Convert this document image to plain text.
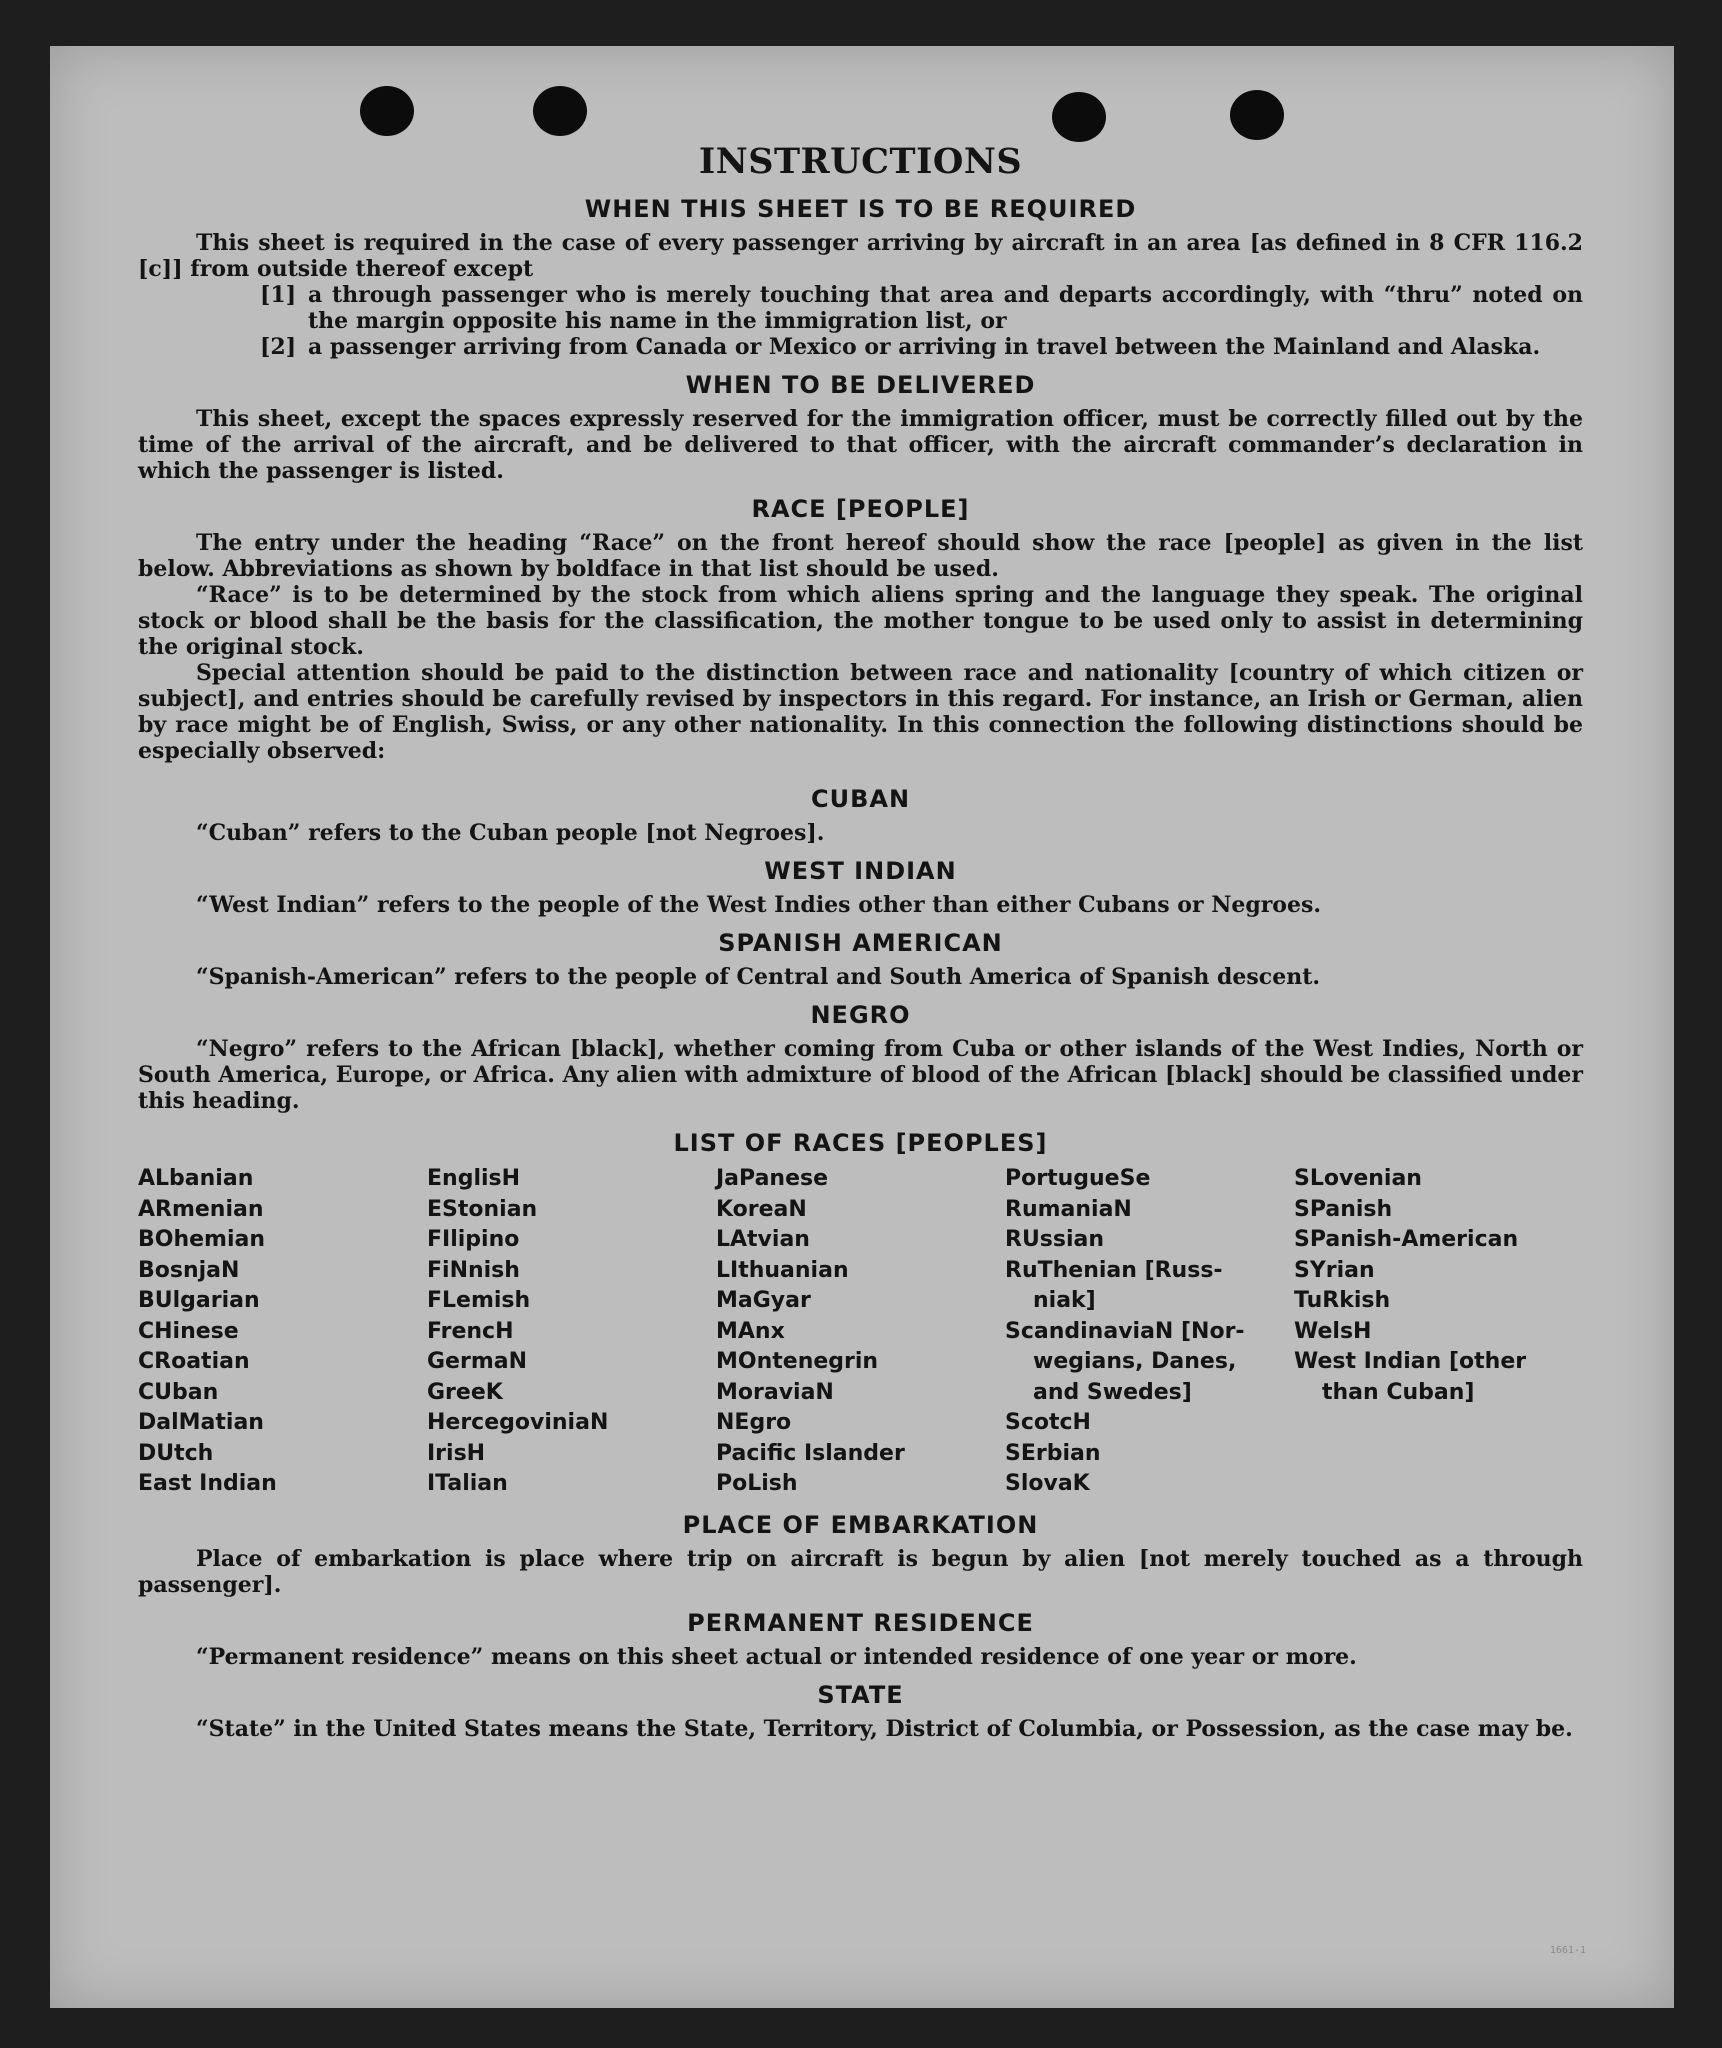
1661-1
INSTRUCTIONS
WHEN THIS SHEET IS TO BE REQUIRED

This sheet is required in the case of every passenger arriving by aircraft in an area [as defined in 8 CFR 116.2 [c]] from outside thereof except

[1] a through passenger who is merely touching that area and departs accordingly, with “thru” noted on the margin opposite his name in the immigration list, or
[2] a passenger arriving from Canada or Mexico or arriving in travel between the Mainland and Alaska.
WHEN TO BE DELIVERED

This sheet, except the spaces expressly reserved for the immigration officer, must be correctly filled out by the time of the arrival of the aircraft, and be delivered to that officer, with the aircraft commander’s declaration in which the passenger is listed.

RACE [PEOPLE]

The entry under the heading “Race” on the front hereof should show the race [people] as given in the list below. Abbreviations as shown by boldface in that list should be used.

“Race” is to be determined by the stock from which aliens spring and the language they speak. The original stock or blood shall be the basis for the classification, the mother tongue to be used only to assist in determining the original stock.

Special attention should be paid to the distinction between race and nationality [country of which citizen or subject], and entries should be carefully revised by inspectors in this regard. For instance, an Irish or German, alien by race might be of English, Swiss, or any other nationality. In this connection the following distinctions should be especially observed:

CUBAN

“Cuban” refers to the Cuban people [not Negroes].

WEST INDIAN

“West Indian” refers to the people of the West Indies other than either Cubans or Negroes.

SPANISH AMERICAN

“Spanish-American” refers to the people of Central and South America of Spanish descent.

NEGRO

“Negro” refers to the African [black], whether coming from Cuba or other islands of the West Indies, North or South America, Europe, or Africa. Any alien with admixture of blood of the African [black] should be classified under this heading.

LIST OF RACES [PEOPLES]
ALbanian
ARmenian
BOhemian
BosnjaN
BUlgarian
CHinese
CRoatian
CUban
DalMatian
DUtch
East Indian
EnglisH
EStonian
FIlipino
FiNnish
FLemish
FrencH
GermaN
GreeK
HercegoviniaN
IrisH
ITalian
JaPanese
KoreaN
LAtvian
LIthuanian
MaGyar
MAnx
MOntenegrin
MoraviaN
NEgro
Pacific Islander
PoLish
PortugueSe
RumaniaN
RUssian
RuThenian [Russ-
niak]
ScandinaviaN [Nor-
wegians, Danes,
and Swedes]
ScotcH
SErbian
SlovaK
SLovenian
SPanish
SPanish-American
SYrian
TuRkish
WelsH
West Indian [other
than Cuban]
PLACE OF EMBARKATION

Place of embarkation is place where trip on aircraft is begun by alien [not merely touched as a through passenger].

PERMANENT RESIDENCE

“Permanent residence” means on this sheet actual or intended residence of one year or more.

STATE

“State” in the United States means the State, Territory, District of Columbia, or Possession, as the case may be.
